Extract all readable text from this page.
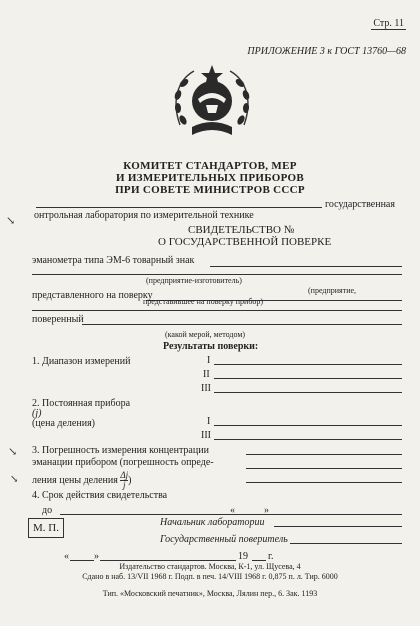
Стр. 11
ПРИЛОЖЕНИЕ 3 к ГОСТ 13760—68
КОМИТЕТ СТАНДАРТОВ, МЕР
И ИЗМЕРИТЕЛЬНЫХ ПРИБОРОВ
ПРИ СОВЕТЕ МИНИСТРОВ СССР
государственная
↘ онтрольная лаборатория по измерительной технике
СВИДЕТЕЛЬСТВО №
О ГОСУДАРСТВЕННОЙ ПОВЕРКЕ
эманометра типа ЭМ-6 товарный знак
(предприятие-изготовитель)
представленного на поверку	(предприятие,
представившее на поверку прибор)
поверенный
(какой мерой, методом)
Результаты поверки:
1. Диапазон измерений	I
II
III
2. Постоянная прибора
(j)
(цена деления)	I
III
↘ 3. Погрешность измерения концентрации
эманации прибором (погрешность опреде-
ления цены деления $\frac{\Delta j}{j}$ )
↘
4. Срок действия свидетельства
до	«	»
М. П.	Начальник лаборатории
Государственный поверитель
«	»	19 г.
Издательство стандартов. Москва, К-1, ул. Щусева, 4
Сдано в наб. 13/VII 1968 г. Подп. в печ. 14/VIII 1968 г. 0,875 п. л. Тир. 6000
Тип. «Московский печатник», Москва, Лялин пер., 6. Зак. 1193
